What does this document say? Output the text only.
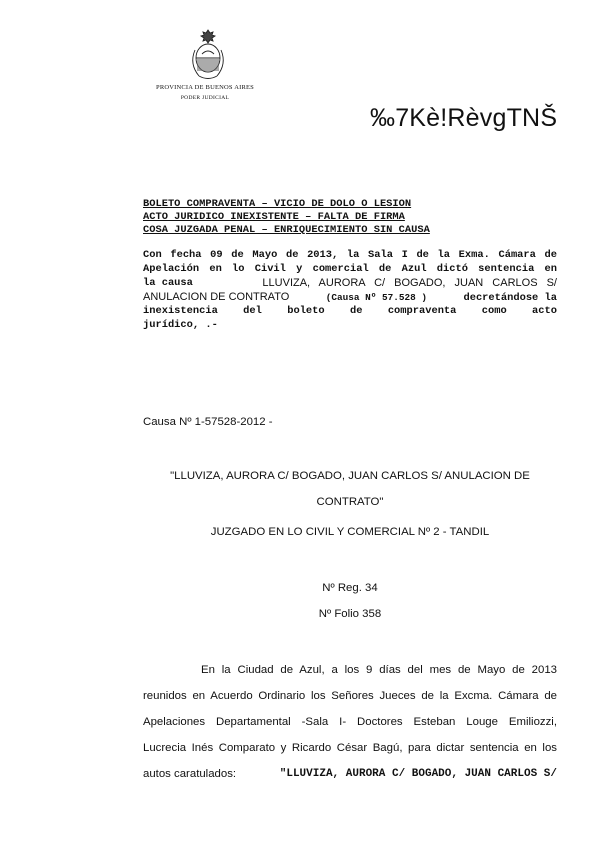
PROVINCIA DE BUENOS AIRES
PODER JUDICIAL
‰7Kè!RèvgTNŠ
BOLETO COMPRAVENTA – VICIO DE DOLO O LESION
ACTO JURIDICO INEXISTENTE – FALTA DE FIRMA
COSA JUZGADA PENAL – ENRIQUECIMIENTO SIN CAUSA
Con fecha 09 de Mayo de 2013, la Sala I de la Exma. Cámara de
Apelación en lo Civil y comercial de Azul dictó sentencia en
la causa	LLUVIZA, AURORA C/ BOGADO, JUAN CARLOS S/
ANULACION DE CONTRATO	(Causa Nº 57.528 )	decretándose la
inexistencia del boleto de compraventa como acto
jurídico, .-
Causa Nº 1-57528-2012 -
"LLUVIZA, AURORA C/ BOGADO, JUAN CARLOS S/ ANULACION DE
CONTRATO"
JUZGADO EN LO CIVIL Y COMERCIAL Nº 2 - TANDIL
Nº Reg. 34
Nº Folio 358
En la Ciudad de Azul, a los 9 días del mes de Mayo de 2013
reunidos en Acuerdo Ordinario los Señores Jueces de la Excma. Cámara de
Apelaciones Departamental -Sala I- Doctores Esteban Louge Emiliozzi,
Lucrecia Inés Comparato y Ricardo César Bagú, para dictar sentencia en los
autos caratulados:	"LLUVIZA, AURORA C/ BOGADO, JUAN CARLOS S/
